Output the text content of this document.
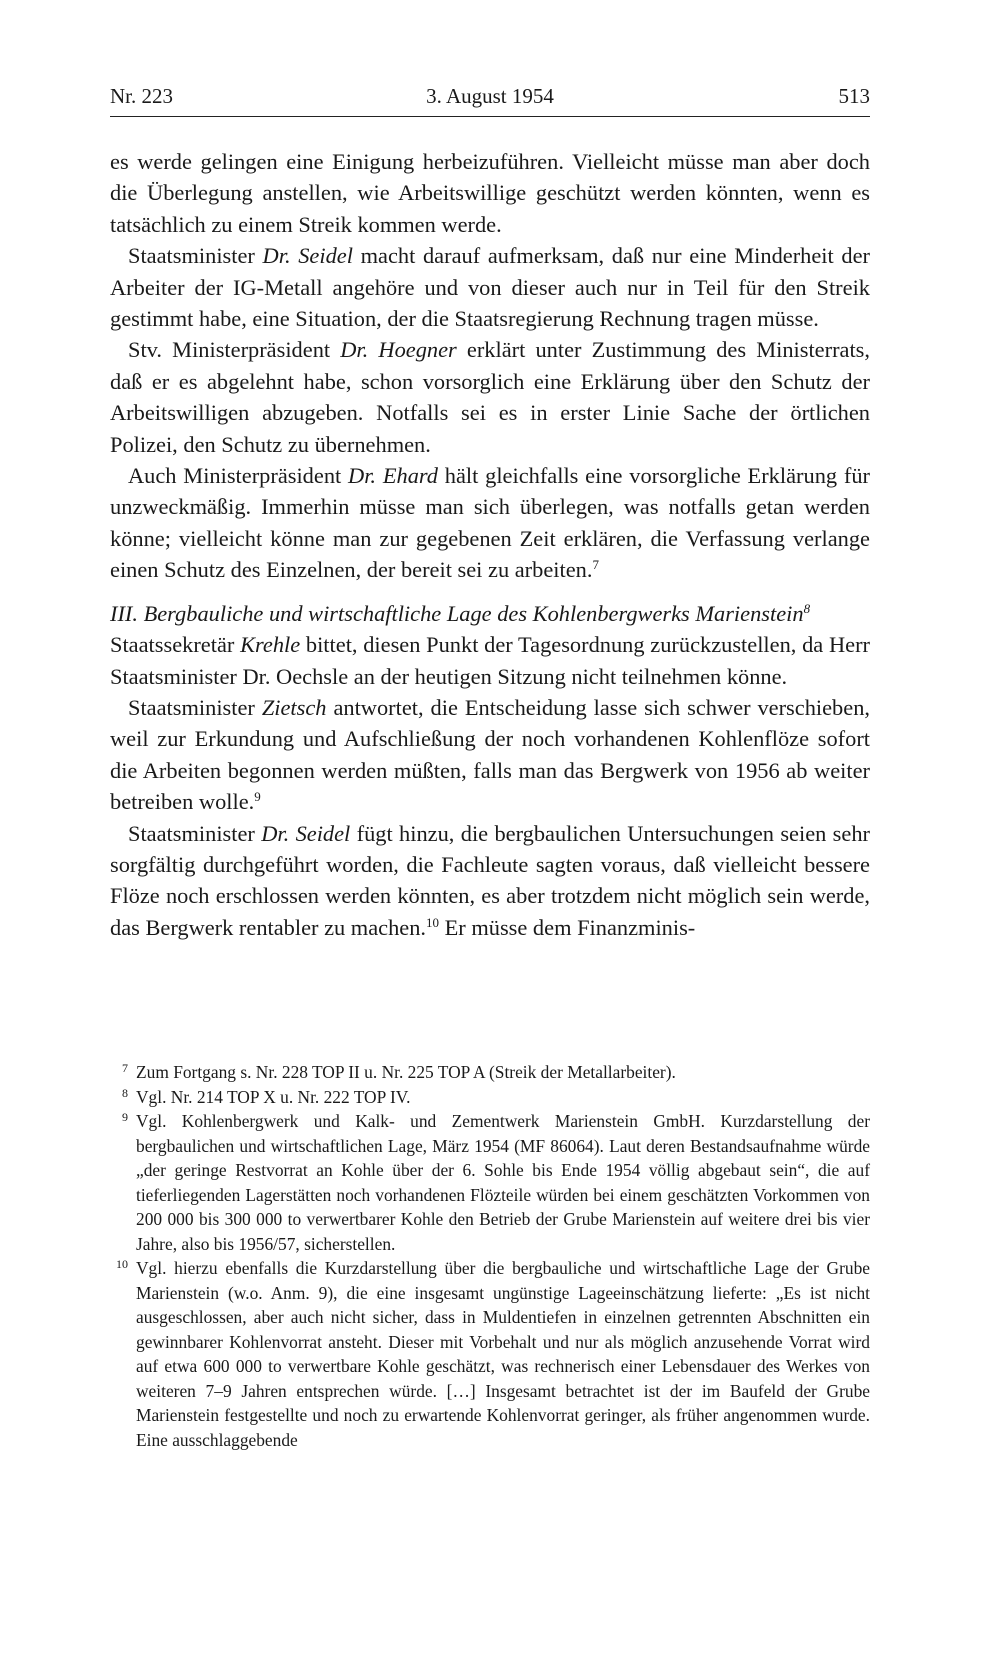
Nr. 223	3. August 1954	513

es werde gelingen eine Einigung herbeizuführen. Vielleicht müsse man aber doch die Überlegung anstellen, wie Arbeitswillige geschützt werden könnten, wenn es tatsächlich zu einem Streik kommen werde.

Staatsminister Dr. Seidel macht darauf aufmerksam, daß nur eine Minderheit der Arbeiter der IG-Metall angehöre und von dieser auch nur in Teil für den Streik gestimmt habe, eine Situation, der die Staatsregierung Rechnung tragen müsse.

Stv. Ministerpräsident Dr. Hoegner erklärt unter Zustimmung des Ministerrats, daß er es abgelehnt habe, schon vorsorglich eine Erklärung über den Schutz der Arbeitswilligen abzugeben. Notfalls sei es in erster Linie Sache der örtlichen Polizei, den Schutz zu übernehmen.

Auch Ministerpräsident Dr. Ehard hält gleichfalls eine vorsorgliche Erklärung für unzweckmäßig. Immerhin müsse man sich überlegen, was notfalls getan werden könne; vielleicht könne man zur gegebenen Zeit erklären, die Verfassung verlange einen Schutz des Einzelnen, der bereit sei zu arbeiten.$^7$

III. Bergbauliche und wirtschaftliche Lage des Kohlenbergwerks Marienstein$^8$

Staatssekretär Krehle bittet, diesen Punkt der Tagesordnung zurückzustellen, da Herr Staatsminister Dr. Oechsle an der heutigen Sitzung nicht teilnehmen könne.

Staatsminister Zietsch antwortet, die Entscheidung lasse sich schwer verschieben, weil zur Erkundung und Aufschließung der noch vorhandenen Kohlenflöze sofort die Arbeiten begonnen werden müßten, falls man das Bergwerk von 1956 ab weiter betreiben wolle.$^9$

Staatsminister Dr. Seidel fügt hinzu, die bergbaulichen Untersuchungen seien sehr sorgfältig durchgeführt worden, die Fachleute sagten voraus, daß vielleicht bessere Flöze noch erschlossen werden könnten, es aber trotzdem nicht möglich sein werde, das Bergwerk rentabler zu machen.$^{10}$ Er müsse dem Finanzminis-

7 Zum Fortgang s. Nr. 228 TOP II u. Nr. 225 TOP A (Streik der Metallarbeiter).

8 Vgl. Nr. 214 TOP X u. Nr. 222 TOP IV.

9 Vgl. Kohlenbergwerk und Kalk- und Zementwerk Marienstein GmbH. Kurzdarstellung der bergbaulichen und wirtschaftlichen Lage, März 1954 (MF 86064). Laut deren Bestandsaufnahme würde „der geringe Restvorrat an Kohle über der 6. Sohle bis Ende 1954 völlig abgebaut sein“, die auf tieferliegenden Lagerstätten noch vorhandenen Flözteile würden bei einem geschätzten Vorkommen von 200 000 bis 300 000 to verwertbarer Kohle den Betrieb der Grube Marienstein auf weitere drei bis vier Jahre, also bis 1956/57, sicherstellen.

10 Vgl. hierzu ebenfalls die Kurzdarstellung über die bergbauliche und wirtschaftliche Lage der Grube Marienstein (w.o. Anm. 9), die eine insgesamt ungünstige Lageeinschätzung lieferte: „Es ist nicht ausgeschlossen, aber auch nicht sicher, dass in Muldentiefen in einzelnen getrennten Abschnitten ein gewinnbarer Kohlenvorrat ansteht. Dieser mit Vorbehalt und nur als möglich anzusehende Vorrat wird auf etwa 600 000 to verwertbare Kohle geschätzt, was rechnerisch einer Lebensdauer des Werkes von weiteren 7–9 Jahren entsprechen würde. […] Insgesamt betrachtet ist der im Baufeld der Grube Marienstein festgestellte und noch zu erwartende Kohlenvorrat geringer, als früher angenommen wurde. Eine ausschlaggebende
